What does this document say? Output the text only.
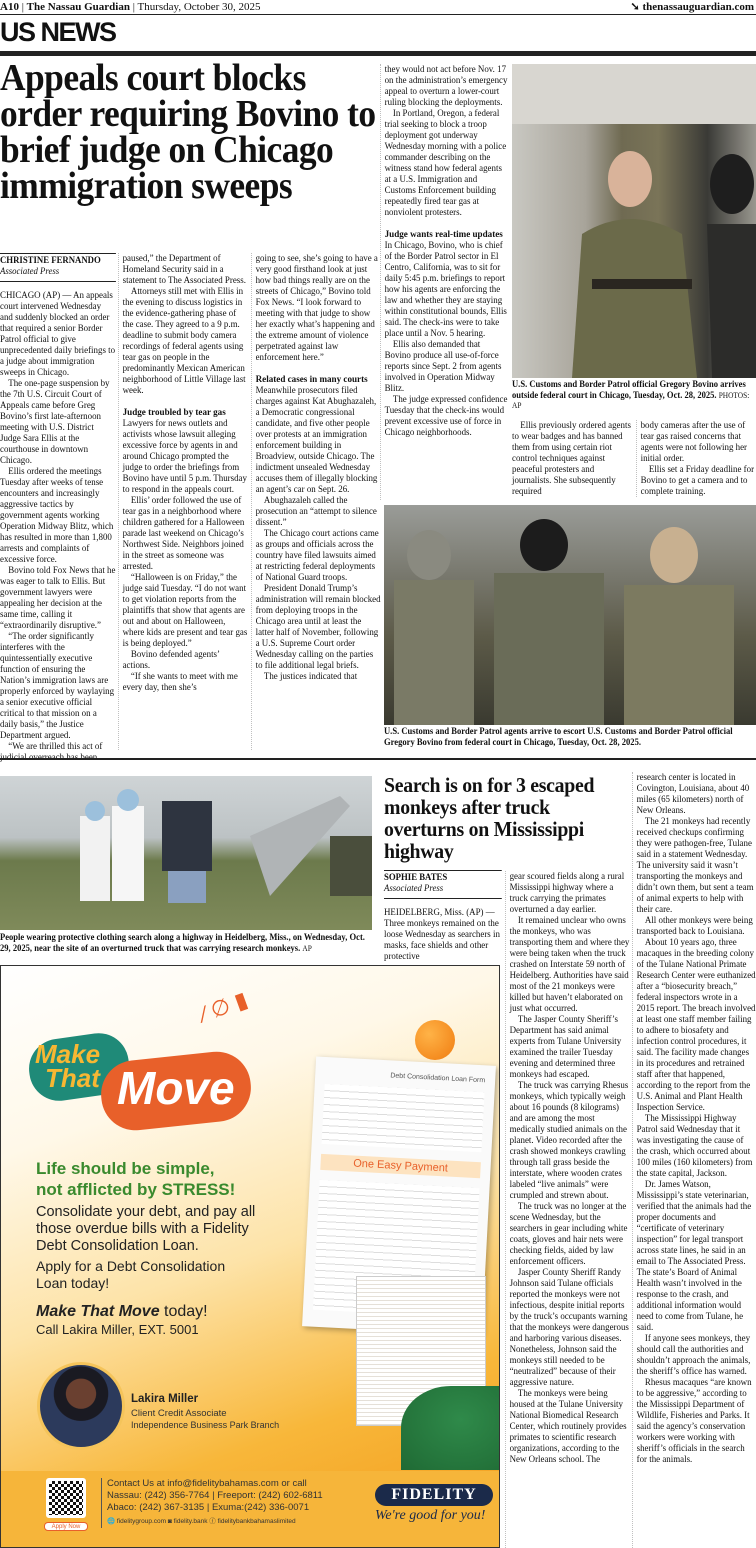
A10 | The Nassau Guardian | Thursday, October 30, 2025	➘ thenassauguardian.com
US NEWS
Appeals court blocks order requiring Bovino to brief judge on Chicago immigration sweeps
CHRISTINE FERNANDO
Associated Press

CHICAGO (AP) — An appeals court intervened Wednesday and suddenly blocked an order that required a senior Border Patrol official to give unprecedented daily briefings to a judge about immigration sweeps in Chicago.

The one-page suspension by the 7th U.S. Circuit Court of Appeals came before Greg Bovino’s first late-afternoon meeting with U.S. District Judge Sara Ellis at the courthouse in downtown Chicago.

Ellis ordered the meetings Tuesday after weeks of tense encounters and increasingly aggressive tactics by government agents working Operation Midway Blitz, which has resulted in more than 1,800 arrests and complaints of excessive force.

Bovino told Fox News that he was eager to talk to Ellis. But government lawyers were appealing her decision at the same time, calling it “extraordinarily disruptive.”

“The order significantly interferes with the quintessentially executive function of ensuring the Nation’s immigration laws are properly enforced by waylaying a senior executive official critical to that mission on a daily basis,” the Justice Department argued.

“We are thrilled this act of

paused,” the Department of Homeland Security said in a statement to The Associated Press.

Attorneys still met with Ellis in the evening to discuss logistics in the evidence-gathering phase of the case. They agreed to a 9 p.m. deadline to submit body camera recordings of federal agents using tear gas on people in the predominantly Mexican American neighborhood of Little Village last week.

Judge troubled by tear gas

Lawyers for news outlets and activists whose lawsuit alleging excessive force by agents in and around Chicago prompted the judge to order the briefings from Bovino have until 5 p.m. Thursday to respond in the appeals court.

Ellis’ order followed the use of tear gas in a neighborhood where children gathered for a Halloween parade last weekend on Chicago’s Northwest Side. Neighbors joined in the street as someone was arrested.

“Halloween is on Friday,” the judge said Tuesday. “I do not want to get violation reports from the plaintiffs that show that agents are out and about on Halloween, where kids are present and tear gas is being deployed.”

Bovino defended agents’ actions.

“If she wants to meet with me every day, then she’s

going to see, she’s going to have a very good firsthand look at just how bad things really are on the streets of Chicago,” Bovino told Fox News. “I look forward to meeting with that judge to show her exactly what’s happening and the extreme amount of violence perpetrated against law enforcement here.”

Related cases in many courts

Meanwhile prosecutors filed charges against Kat Abughazaleh, a Democratic congressional candidate, and five other people over protests at an immigration enforcement building in Broadview, outside Chicago. The indictment unsealed Wednesday accuses them of illegally blocking an agent’s car on Sept. 26.

Abughazaleh called the prosecution an “attempt to silence dissent.”

The Chicago court actions came as groups and officials across the country have filed lawsuits aimed at restricting federal deployments of National Guard troops.

President Donald Trump’s administration will remain blocked from deploying troops in the Chicago area until at least the latter half of November, following a U.S. Supreme Court order Wednesday calling on the parties to file additional legal briefs.

The justices indicated that

they would not act before Nov. 17 on the administration’s emergency appeal to overturn a lower-court ruling blocking the deployments.

In Portland, Oregon, a federal trial seeking to block a troop deployment got underway Wednesday morning with a police commander describing on the witness stand how federal agents at a U.S. Immigration and Customs Enforcement building repeatedly fired tear gas at nonviolent protesters.

Judge wants real-time updates

In Chicago, Bovino, who is chief of the Border Patrol sector in El Centro, California, was to sit for daily 5:45 p.m. briefings to report how his agents are enforcing the law and whether they are staying within constitutional bounds, Ellis said. The check-ins were to take place until a Nov. 5 hearing.

Ellis also demanded that Bovino produce all use-of-force reports since Sept. 2 from agents involved in Operation Midway Blitz.

The judge expressed confidence Tuesday that the check-ins would prevent excessive use of force in Chicago neighborhoods.

U.S. Customs and Border Patrol official Gregory Bovino arrives outside federal court in Chicago, Tuesday, Oct. 28, 2025. PHOTOS: AP

Ellis previously ordered agents to wear badges and has banned them from using certain riot control techniques against peaceful protesters and journalists. She subsequently required

body cameras after the use of tear gas raised concerns that agents were not following her initial order.

Ellis set a Friday deadline for Bovino to get a camera and to complete training.

U.S. Customs and Border Patrol agents arrive to escort U.S. Customs and Border Patrol official Gregory Bovino from federal court in Chicago, Tuesday, Oct. 28, 2025.
People wearing protective clothing search along a highway in Heidelberg, Miss., on Wednesday, Oct. 29, 2025, near the site of an overturned truck that was carrying research monkeys. AP
Search is on for 3 escaped monkeys after truck overturns on Mississippi highway
SOPHIE BATES
Associated Press

HEIDELBERG, Miss. (AP) — Three monkeys remained on the loose Wednesday as searchers in masks, face shields and other protective

gear scoured fields along a rural Mississippi highway where a truck carrying the primates overturned a day earlier.

It remained unclear who owns the monkeys, who was transporting them and where they were being taken when the truck crashed on Interstate 59 north of Heidelberg. Authorities have said most of the 21 monkeys were killed but haven’t elaborated on just what occurred.

The Jasper County Sheriff’s Department has said animal experts from Tulane University examined the trailer Tuesday evening and determined three monkeys had escaped.

The truck was carrying Rhesus monkeys, which typically weigh about 16 pounds (8 kilograms) and are among the most medically studied animals on the planet. Video recorded after the crash showed monkeys crawling through tall grass beside the interstate, where wooden crates labeled “live animals” were crumpled and strewn about.

The truck was no longer at the scene Wednesday, but the searchers in gear including white coats, gloves and hair nets were checking fields, aided by law enforcement officers.

Jasper County Sheriff Randy Johnson said Tulane officials reported the monkeys were not infectious, despite initial reports by the truck’s occupants warning that the monkeys were dangerous and harboring various diseases. Nonetheless, Johnson said the monkeys still needed to be “neutralized” because of their aggressive nature.

The monkeys were being housed at the Tulane University National Biomedical Research Center, which routinely provides primates to scientific research organizations, according to the New Orleans school. The

research center is located in Covington, Louisiana, about 40 miles (65 kilometers) north of New Orleans.

The 21 monkeys had recently received checkups confirming they were pathogen-free, Tulane said in a statement Wednesday. The university said it wasn’t transporting the monkeys and didn’t own them, but sent a team of animal experts to help with their care.

All other monkeys were being transported back to Louisiana.

About 10 years ago, three macaques in the breeding colony of the Tulane National Primate Research Center were euthanized after a “biosecurity breach,” federal inspectors wrote in a 2015 report. The breach involved at least one staff member failing to adhere to biosafety and infection control procedures, it said. The facility made changes in its procedures and retrained staff after that happened, according to the report from the U.S. Animal and Plant Health Inspection Service.

The Mississippi Highway Patrol said Wednesday that it was investigating the cause of the crash, which occurred about 100 miles (160 kilometers) from the state capital, Jackson.

Dr. James Watson, Mississippi’s state veterinarian, verified that the animals had the proper documents and “certificate of veterinary inspection” for legal transport across state lines, he said in an email to The Associated Press. The state’s Board of Animal Health wasn’t involved in the response to the crash, and additional information would need to come from Tulane, he said.

If anyone sees monkeys, they should call the authorities and shouldn’t approach the animals, the sheriff’s office has warned.

Rhesus macaques “are known to be aggressive,” according to the Mississippi Department of Wildlife, Fisheries and Parks. It said the agency’s conservation workers were working with sheriff’s officials in the search for the animals.

Make
That Move
⁄ ∅ ▮
Debt Consolidation Loan Form
One Easy Payment
Life should be simple,
not afflicted by STRESS!
Consolidate your debt, and pay all those overdue bills with a Fidelity Debt Consolidation Loan.
Apply for a Debt Consolidation Loan today!
Make That Move today!
Call Lakira Miller, EXT. 5001
Lakira Miller
Client Credit Associate
Independence Business Park Branch
Apply Now
Contact Us at info@fidelitybahamas.com or call
Nassau: (242) 356-7764 | Freeport: (242) 602-6811
Abaco: (242) 367-3135 | Exuma:(242) 336-0071
🌐 fidelitygroup.com ◙ fidelity.bank ⓕ fidelitybankbahamaslimited
FIDELITY
We're good for you!
